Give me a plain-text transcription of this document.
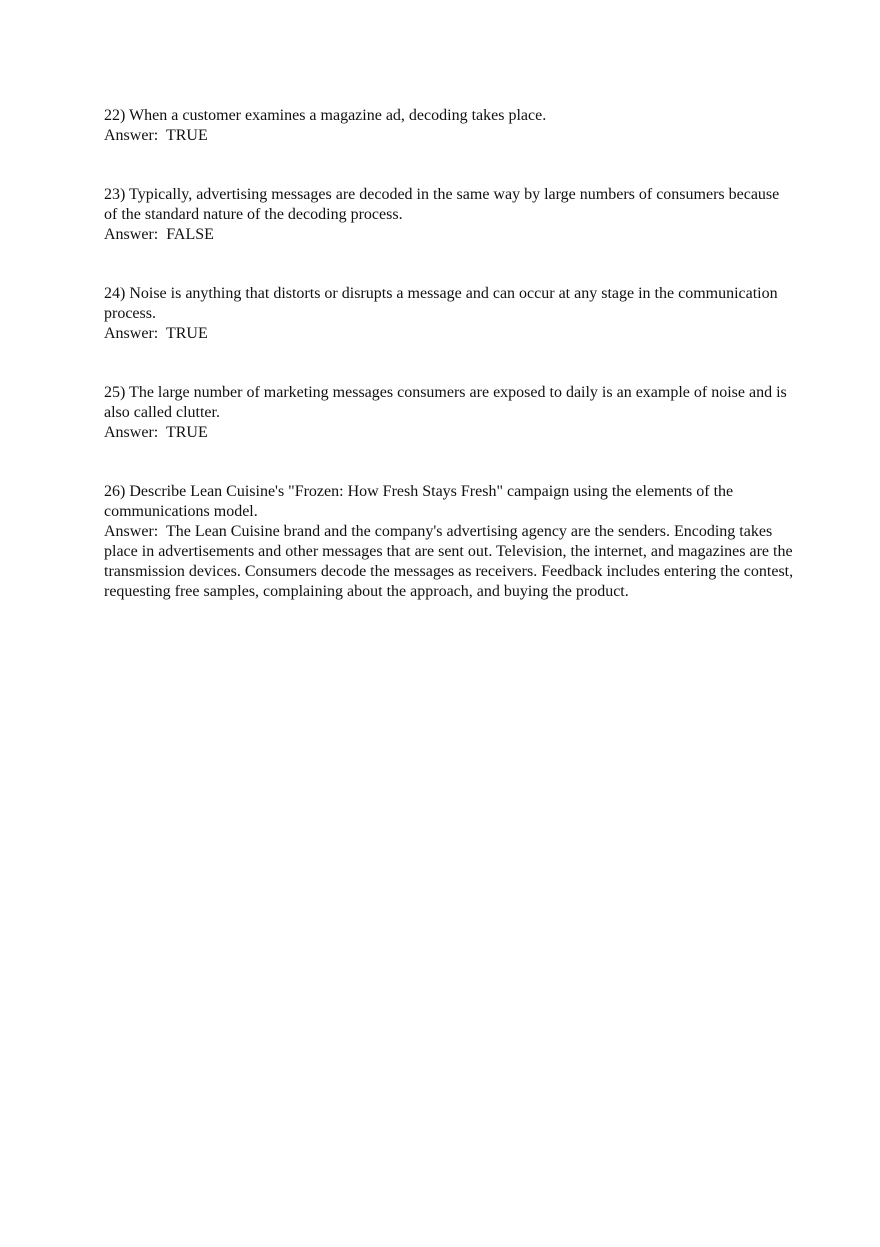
22) When a customer examines a magazine ad, decoding takes place.

Answer: TRUE

23) Typically, advertising messages are decoded in the same way by large numbers of consumers because of the standard nature of the decoding process.

Answer: FALSE

24) Noise is anything that distorts or disrupts a message and can occur at any stage in the communication process.

Answer: TRUE

25) The large number of marketing messages consumers are exposed to daily is an example of noise and is also called clutter.

Answer: TRUE

26) Describe Lean Cuisine's "Frozen: How Fresh Stays Fresh" campaign using the elements of the communications model.

Answer: The Lean Cuisine brand and the company's advertising agency are the senders. Encoding takes place in advertisements and other messages that are sent out. Television, the internet, and magazines are the transmission devices. Consumers decode the messages as receivers. Feedback includes entering the contest, requesting free samples, complaining about the approach, and buying the product.
